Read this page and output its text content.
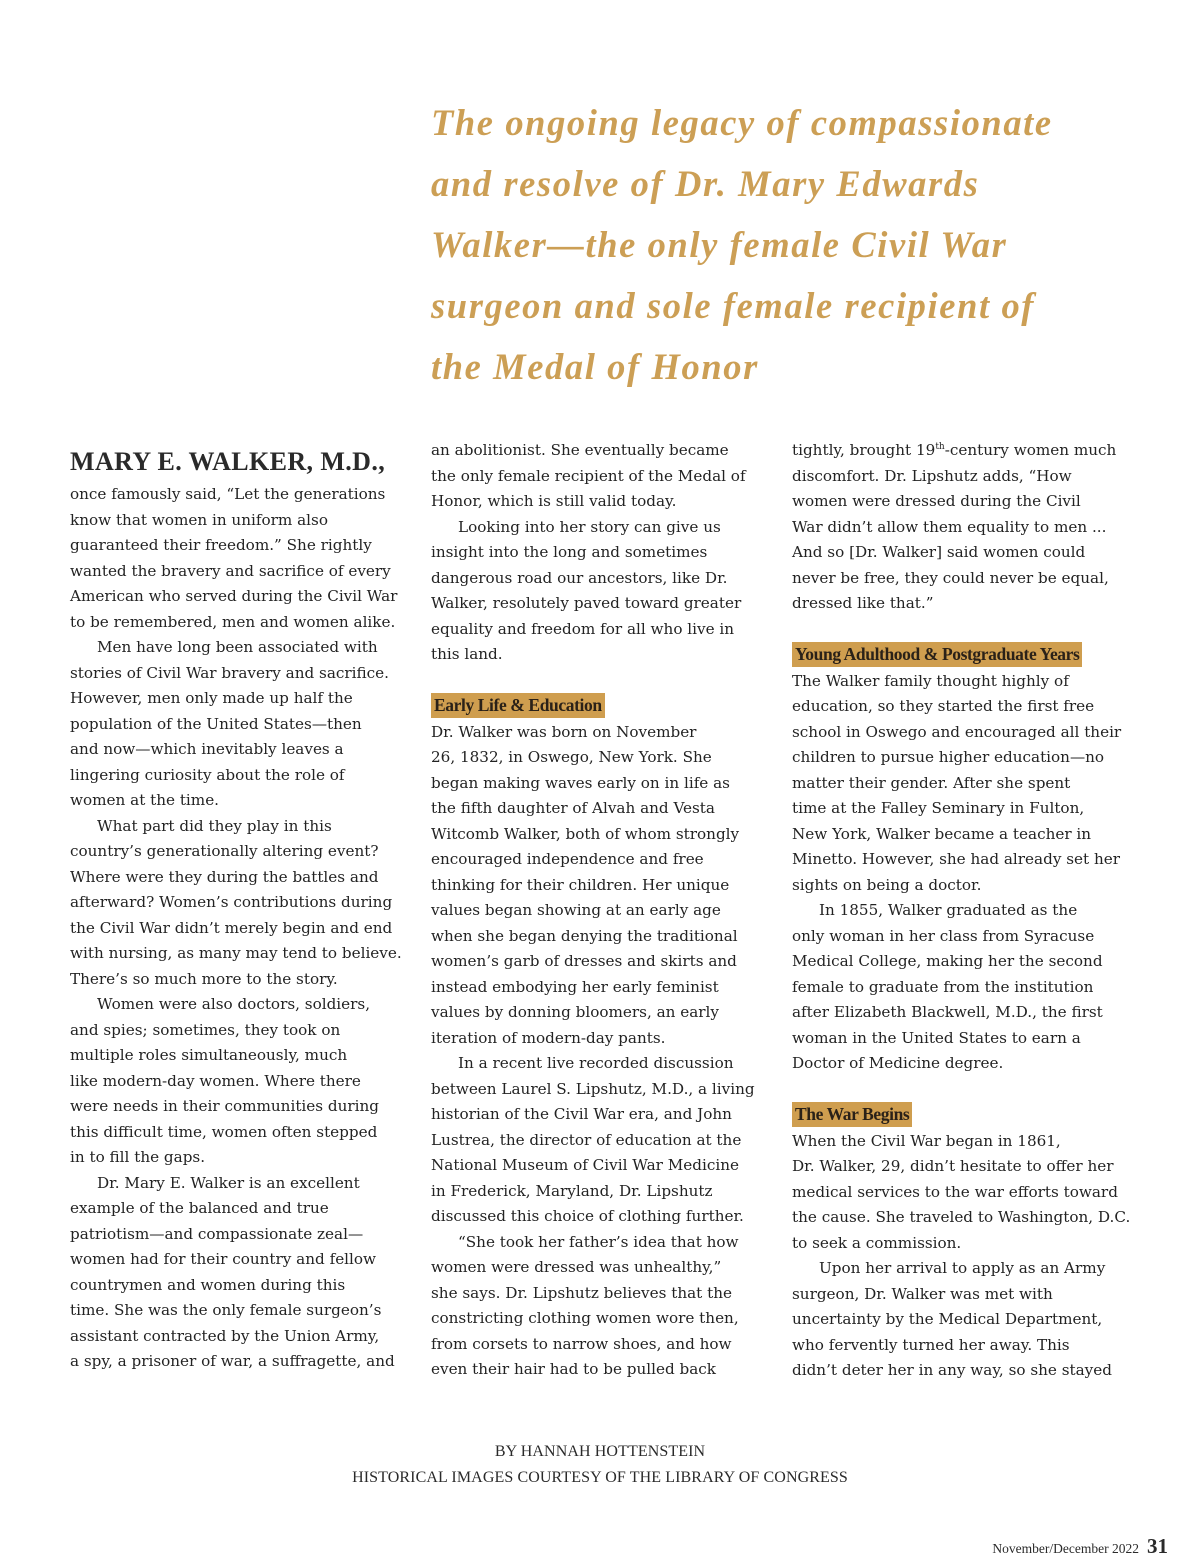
The ongoing legacy of compassionate
and resolve of Dr. Mary Edwards
Walker—the only female Civil War
surgeon and sole female recipient of
the Medal of Honor
MARY E. WALKER, M.D.,

once famously said, “Let the generations
know that women in uniform also
guaranteed their freedom.” She rightly
wanted the bravery and sacrifice of every
American who served during the Civil War
to be remembered, men and women alike.

Men have long been associated with
stories of Civil War bravery and sacrifice.
However, men only made up half the
population of the United States—then
and now—which inevitably leaves a
lingering curiosity about the role of
women at the time.

What part did they play in this
country’s generationally altering event?
Where were they during the battles and
afterward? Women’s contributions during
the Civil War didn’t merely begin and end
with nursing, as many may tend to believe.
There’s so much more to the story.

Women were also doctors, soldiers,
and spies; sometimes, they took on
multiple roles simultaneously, much
like modern-day women. Where there
were needs in their communities during
this difficult time, women often stepped
in to fill the gaps.

Dr. Mary E. Walker is an excellent
example of the balanced and true
patriotism—and compassionate zeal—
women had for their country and fellow
countrymen and women during this
time. She was the only female surgeon’s
assistant contracted by the Union Army,
a spy, a prisoner of war, a suffragette, and

an abolitionist. She eventually became
the only female recipient of the Medal of
Honor, which is still valid today.

Looking into her story can give us
insight into the long and sometimes
dangerous road our ancestors, like Dr.
Walker, resolutely paved toward greater
equality and freedom for all who live in
this land.

Early Life & Education

Dr. Walker was born on November
26, 1832, in Oswego, New York. She
began making waves early on in life as
the fifth daughter of Alvah and Vesta
Witcomb Walker, both of whom strongly
encouraged independence and free
thinking for their children. Her unique
values began showing at an early age
when she began denying the traditional
women’s garb of dresses and skirts and
instead embodying her early feminist
values by donning bloomers, an early
iteration of modern-day pants.

In a recent live recorded discussion
between Laurel S. Lipshutz, M.D., a living
historian of the Civil War era, and John
Lustrea, the director of education at the
National Museum of Civil War Medicine
in Frederick, Maryland, Dr. Lipshutz
discussed this choice of clothing further.

“She took her father’s idea that how
women were dressed was unhealthy,”
she says. Dr. Lipshutz believes that the
constricting clothing women wore then,
from corsets to narrow shoes, and how
even their hair had to be pulled back

tightly, brought 19th-century women much

discomfort. Dr. Lipshutz adds, “How
women were dressed during the Civil
War didn’t allow them equality to men ...
And so [Dr. Walker] said women could
never be free, they could never be equal,
dressed like that.”

Young Adulthood & Postgraduate Years

The Walker family thought highly of
education, so they started the first free
school in Oswego and encouraged all their
children to pursue higher education—no
matter their gender. After she spent
time at the Falley Seminary in Fulton,
New York, Walker became a teacher in
Minetto. However, she had already set her
sights on being a doctor.

In 1855, Walker graduated as the
only woman in her class from Syracuse
Medical College, making her the second
female to graduate from the institution
after Elizabeth Blackwell, M.D., the first
woman in the United States to earn a
Doctor of Medicine degree.

The War Begins

When the Civil War began in 1861,
Dr. Walker, 29, didn’t hesitate to offer her
medical services to the war efforts toward
the cause. She traveled to Washington, D.C.
to seek a commission.

Upon her arrival to apply as an Army
surgeon, Dr. Walker was met with
uncertainty by the Medical Department,
who fervently turned her away. This
didn’t deter her in any way, so she stayed

BY HANNAH HOTTENSTEIN
HISTORICAL IMAGES COURTESY OF THE LIBRARY OF CONGRESS
November/December 2022 31
